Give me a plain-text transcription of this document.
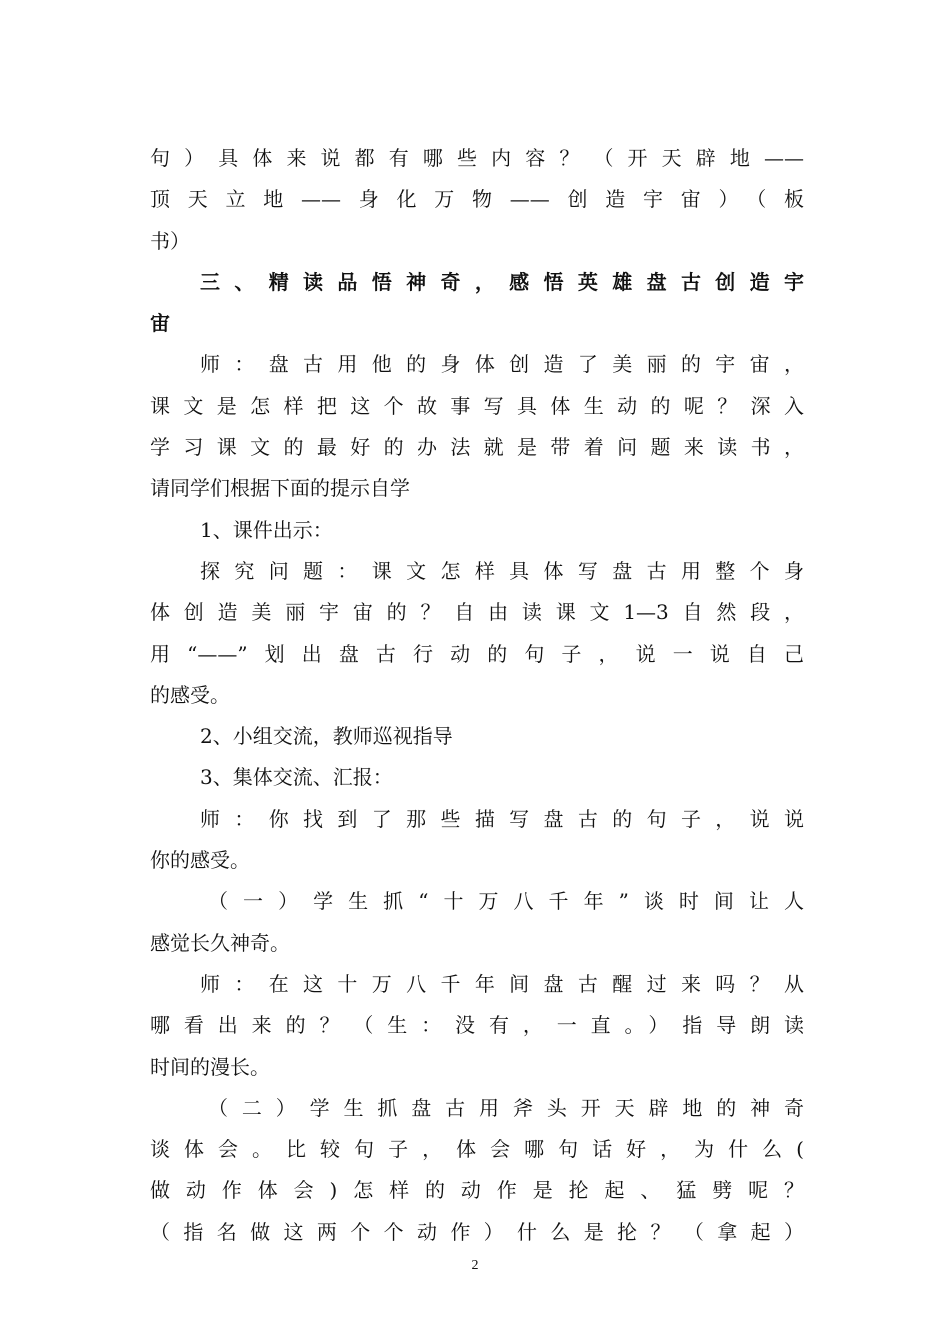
句）具体来说都有哪些内容？（开天辟地——
顶天立地——身化万物——创造宇宙）（板
书）
三、精读品悟神奇，感悟英雄盘古创造宇
宙
师：盘古用他的身体创造了美丽的宇宙，
课文是怎样把这个故事写具体生动的呢？深入
学习课文的最好的办法就是带着问题来读书，
请同学们根据下面的提示自学
1、课件出示：
探究问题：课文怎样具体写盘古用整个身
体创造美丽宇宙的？自由读课文1—3自然段，
用“——”划出盘古行动的句子，说一说自己
的感受。
2、小组交流，教师巡视指导
3、集体交流、汇报：
师：你找到了那些描写盘古的句子，说说
你的感受。
（一）学生抓“十万八千年”谈时间让人
感觉长久神奇。
师：在这十万八千年间盘古醒过来吗？从
哪看出来的？（生：没有，一直。）指导朗读
时间的漫长。
（二）学生抓盘古用斧头开天辟地的神奇
谈体会。比较句子，体会哪句话好，为什么(
做动作体会)怎样的动作是抡起、猛劈呢？
（指名做这两个个动作）什么是抡？（拿起）
2
